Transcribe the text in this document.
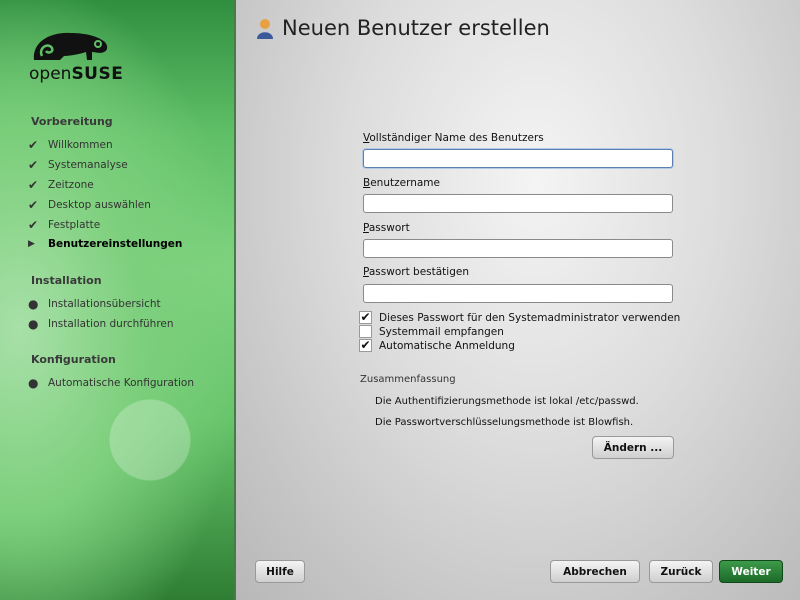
openSUSE
Vorbereitung
✔ Willkommen
✔ Systemanalyse
✔ Zeitzone
✔ Desktop auswählen
✔ Festplatte
▶	Benutzereinstellungen
Installation
● Installationsübersicht
● Installation durchführen
Konfiguration
● Automatische Konfiguration
Neuen Benutzer erstellen
Vollständiger Name des Benutzers
Benutzername
Passwort
Passwort bestätigen
✔ Dieses Passwort für den Systemadministrator verwenden
Systemmail empfangen
✔ Automatische Anmeldung
Zusammenfassung
Die Authentifizierungsmethode ist lokal /etc/passwd.
Die Passwortverschlüsselungsmethode ist Blowfish.
Ändern ...
Hilfe	Abbrechen	Zurück	Weiter
